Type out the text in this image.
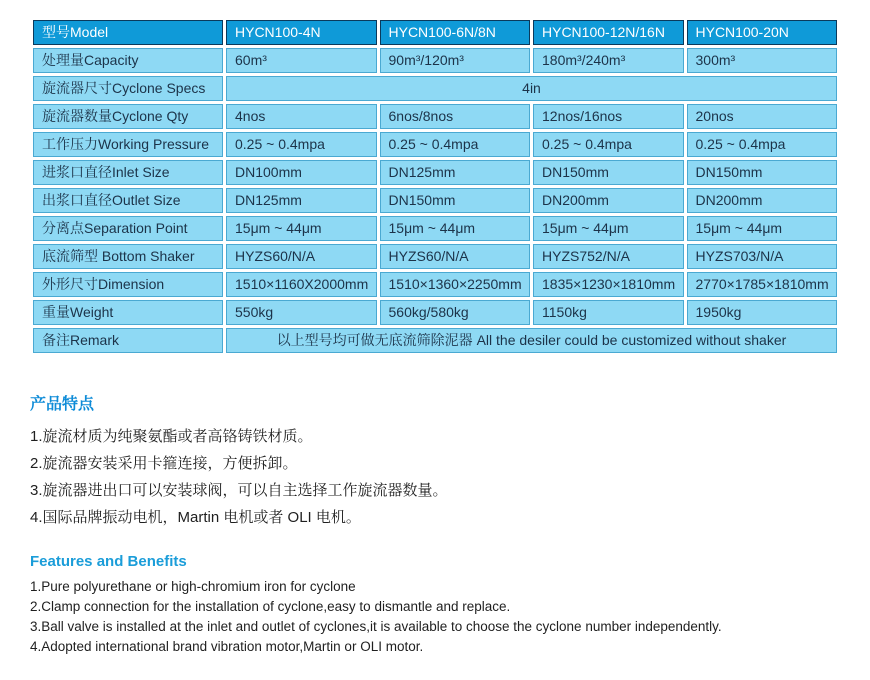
型号Model	HYCN100-4N	HYCN100-6N/8N	HYCN100-12N/16N	HYCN100-20N
处理量Capacity	60m³	90m³/120m³	180m³/240m³	300m³
旋流器尺寸Cyclone Specs	4in			
旋流器数量Cyclone Qty	4nos	6nos/8nos	12nos/16nos	20nos
工作压力Working Pressure	0.25 ~ 0.4mpa	0.25 ~ 0.4mpa	0.25 ~ 0.4mpa	0.25 ~ 0.4mpa
进浆口直径Inlet Size	DN100mm	DN125mm	DN150mm	DN150mm
出浆口直径Outlet Size	DN125mm	DN150mm	DN200mm	DN200mm
分离点Separation Point	15μm ~ 44μm	15μm ~ 44μm	15μm ~ 44μm	15μm ~ 44μm
底流筛型 Bottom Shaker	HYZS60/N/A	HYZS60/N/A	HYZS752/N/A	HYZS703/N/A
外形尺寸Dimension	1510×1160X2000mm	1510×1360×2250mm	1835×1230×1810mm	2770×1785×1810mm
重量Weight	550kg	560kg/580kg	1150kg	1950kg
备注Remark	以上型号均可做无底流筛除泥器 All the desiler could be customized without shaker			
产品特点
1.旋流材质为纯聚氨酯或者高铬铸铁材质。
2.旋流器安装采用卡箍连接，方便拆卸。
3.旋流器进出口可以安装球阀，可以自主选择工作旋流器数量。
4.国际品牌振动电机，Martin 电机或者 OLI 电机。
Features and Benefits
1.Pure polyurethane or high-chromium iron for cyclone
2.Clamp connection for the installation of cyclone,easy to dismantle and replace.
3.Ball valve is installed at the inlet and outlet of cyclones,it is available to choose the cyclone number independently.
4.Adopted international brand vibration motor,Martin or OLI motor.
